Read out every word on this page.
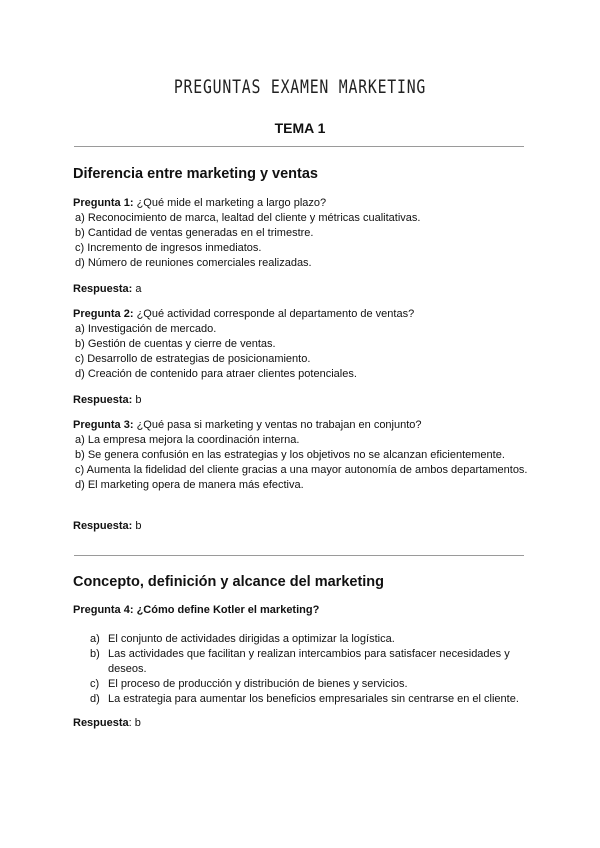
PREGUNTAS EXAMEN MARKETING
TEMA 1
Diferencia entre marketing y ventas
Pregunta 1: ¿Qué mide el marketing a largo plazo?
a) Reconocimiento de marca, lealtad del cliente y métricas cualitativas.
b) Cantidad de ventas generadas en el trimestre.
c) Incremento de ingresos inmediatos.
d) Número de reuniones comerciales realizadas.
Respuesta: a
Pregunta 2: ¿Qué actividad corresponde al departamento de ventas?
a) Investigación de mercado.
b) Gestión de cuentas y cierre de ventas.
c) Desarrollo de estrategias de posicionamiento.
d) Creación de contenido para atraer clientes potenciales.
Respuesta: b
Pregunta 3: ¿Qué pasa si marketing y ventas no trabajan en conjunto?
a) La empresa mejora la coordinación interna.
b) Se genera confusión en las estrategias y los objetivos no se alcanzan eficientemente.
c) Aumenta la fidelidad del cliente gracias a una mayor autonomía de ambos departamentos.
d) El marketing opera de manera más efectiva.
Respuesta: b
Concepto, definición y alcance del marketing
Pregunta 4: ¿Cómo define Kotler el marketing?
a) El conjunto de actividades dirigidas a optimizar la logística.
b) Las actividades que facilitan y realizan intercambios para satisfacer necesidades y deseos.
c) El proceso de producción y distribución de bienes y servicios.
d) La estrategia para aumentar los beneficios empresariales sin centrarse en el cliente.
Respuesta: b
